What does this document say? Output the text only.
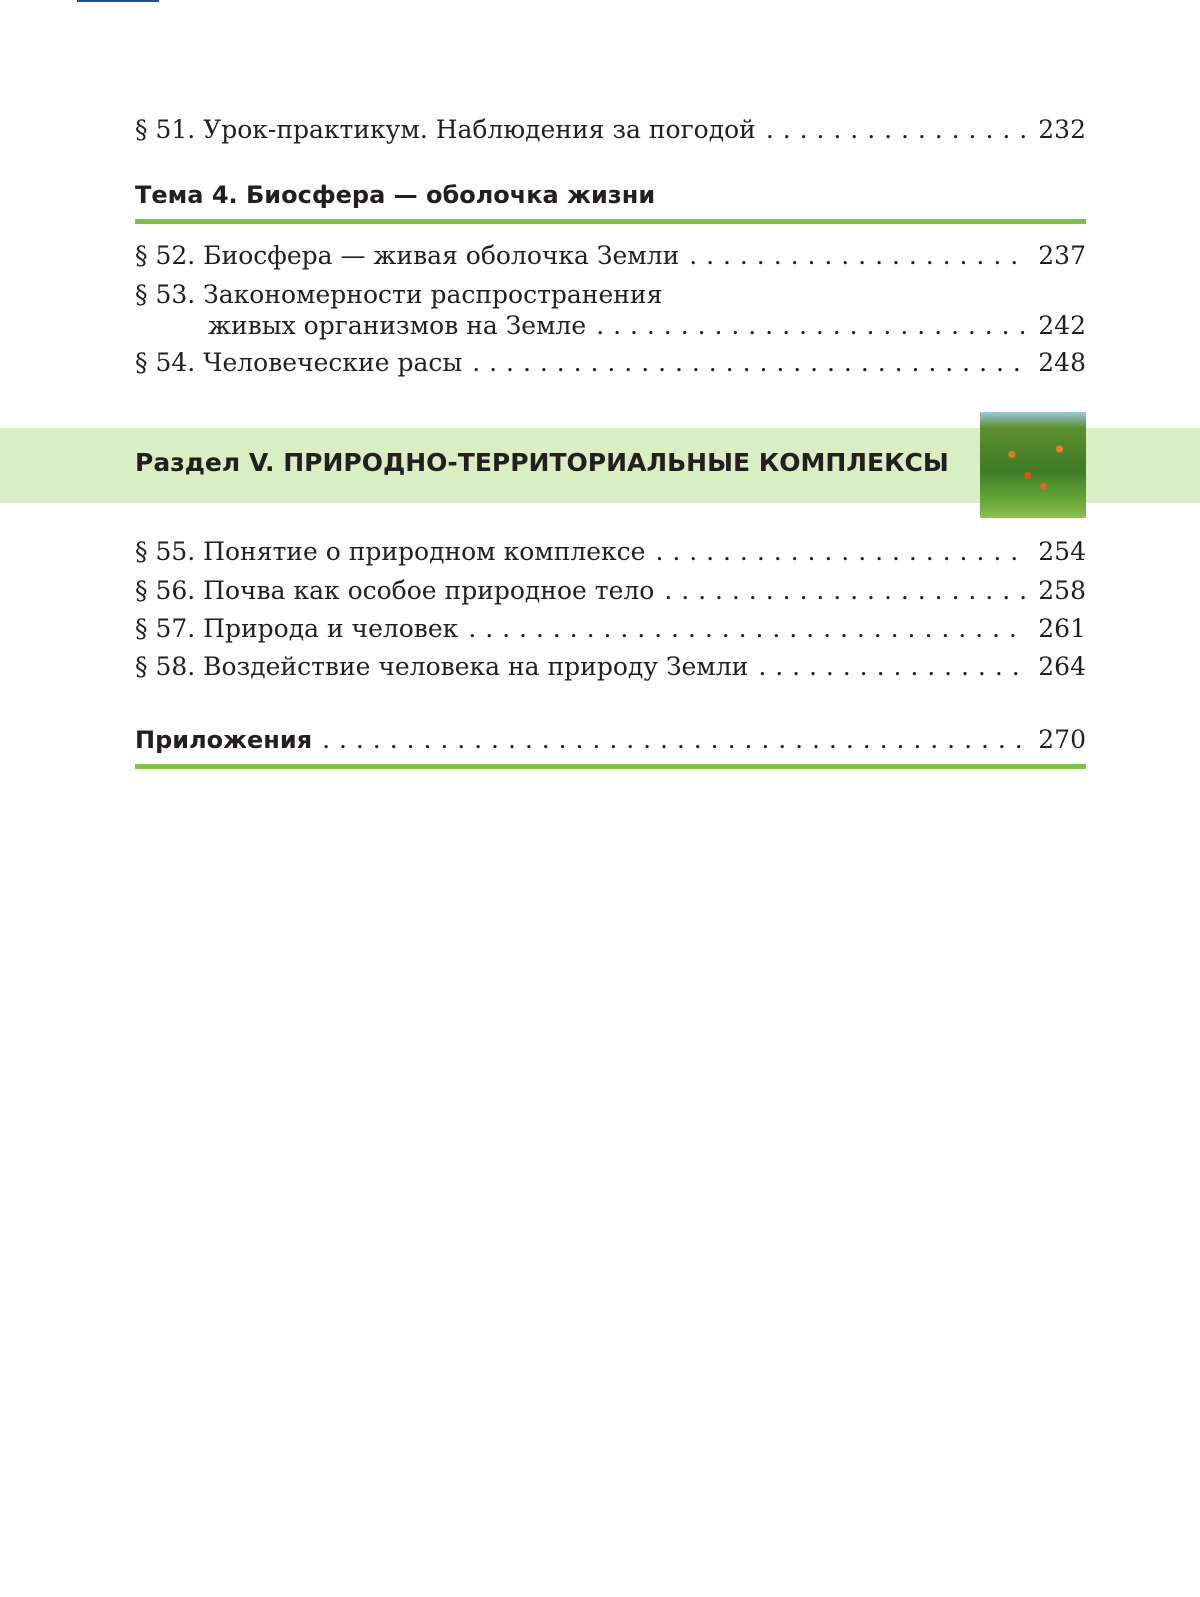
§ 51. Урок-практикум. Наблюдения за погодой . . .	232
Тема 4. Биосфера — оболочка жизни
§ 52. Биосфера — живая оболочка Земли . . .	237
§ 53. Закономерности распространения
живых организмов на Земле . . .	242
§ 54. Человеческие расы . . .	248
Раздел V. ПРИРОДНО-ТЕРРИТОРИАЛЬНЫЕ КОМПЛЕКСЫ
§ 55. Понятие о природном комплексе . . .	254
§ 56. Почва как особое природное тело . . .	258
§ 57. Природа и человек . . .	261
§ 58. Воздействие человека на природу Земли . . .	264
Приложения . . .	270
